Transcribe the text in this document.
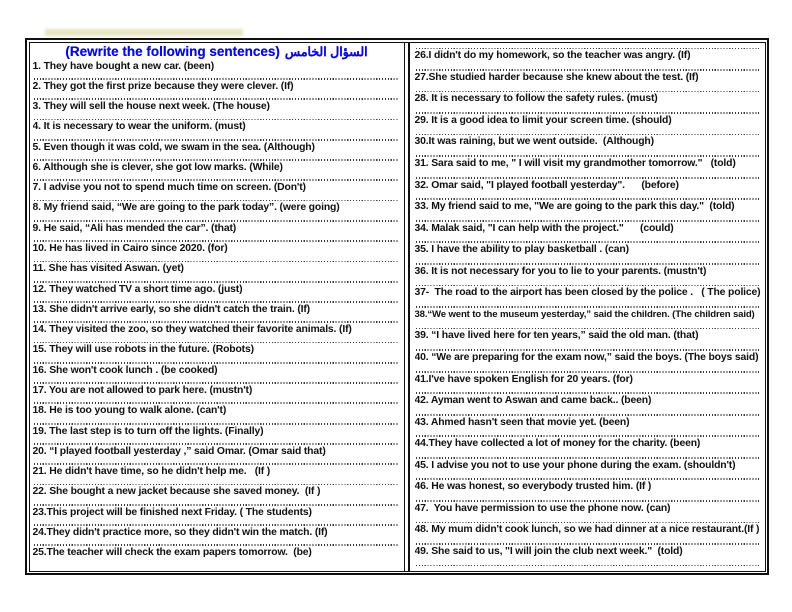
(Rewrite the following sentences) السؤال الخامس
1. They have bought a new car. (been)
2. They got the first prize because they were clever. (If)
3. They will sell the house next week. (The house)
4. It is necessary to wear the uniform. (must)
5. Even though it was cold, we swam in the sea. (Although)
6. Although she is clever, she got low marks. (While)
7. I advise you not to spend much time on screen. (Don't)
8. My friend said, “We are going to the park today”. (were going)
9. He said, “Ali has mended the car”. (that)
10. He has lived in Cairo since 2020. (for)
11. She has visited Aswan. (yet)
12. They watched TV a short time ago. (just)
13. She didn't arrive early, so she didn't catch the train. (If)
14. They visited the zoo, so they watched their favorite animals. (If)
15. They will use robots in the future. (Robots)
16. She won't cook lunch . (be cooked)
17. You are not allowed to park here. (mustn't)
18. He is too young to walk alone. (can't)
19. The last step is to turn off the lights. (Finally)
20. “I played football yesterday ,” said Omar. (Omar said that)
21. He didn't have time, so he didn't help me.   (If )
22. She bought a new jacket because she saved money.  (If )
23.This project will be finished next Friday. ( The students)
24.They didn't practice more, so they didn't win the match. (If)
25.The teacher will check the exam papers tomorrow.  (be)
26.I didn't do my homework, so the teacher was angry. (If)
27.She studied harder because she knew about the test. (If)
28. It is necessary to follow the safety rules. (must)
29. It is a good idea to limit your screen time. (should)
30.It was raining, but we went outside.  (Although)
31. Sara said to me, " I will visit my grandmother tomorrow."   (told)
32. Omar said, "I played football yesterday".      (before)
33. My friend said to me, "We are going to the park this day."  (told)
34. Malak said, "I can help with the project."      (could)
35. I have the ability to play basketball . (can)
36. It is not necessary for you to lie to your parents. (mustn't)
37-  The road to the airport has been closed by the police .   ( The police)
38.“We went to the museum yesterday,” said the children. (The children said)
39. “I have lived here for ten years,” said the old man. (that)
40. “We are preparing for the exam now,” said the boys. (The boys said)
41.I've have spoken English for 20 years. (for)
42. Ayman went to Aswan and came back.. (been)
43. Ahmed hasn't seen that movie yet. (been)
44.They have collected a lot of money for the charity. (been)
45. I advise you not to use your phone during the exam. (shouldn't)
46. He was honest, so everybody trusted him. (If )
47.  You have permission to use the phone now. (can)
48. My mum didn't cook lunch, so we had dinner at a nice restaurant.(If )
49. She said to us, "I will join the club next week."  (told)
